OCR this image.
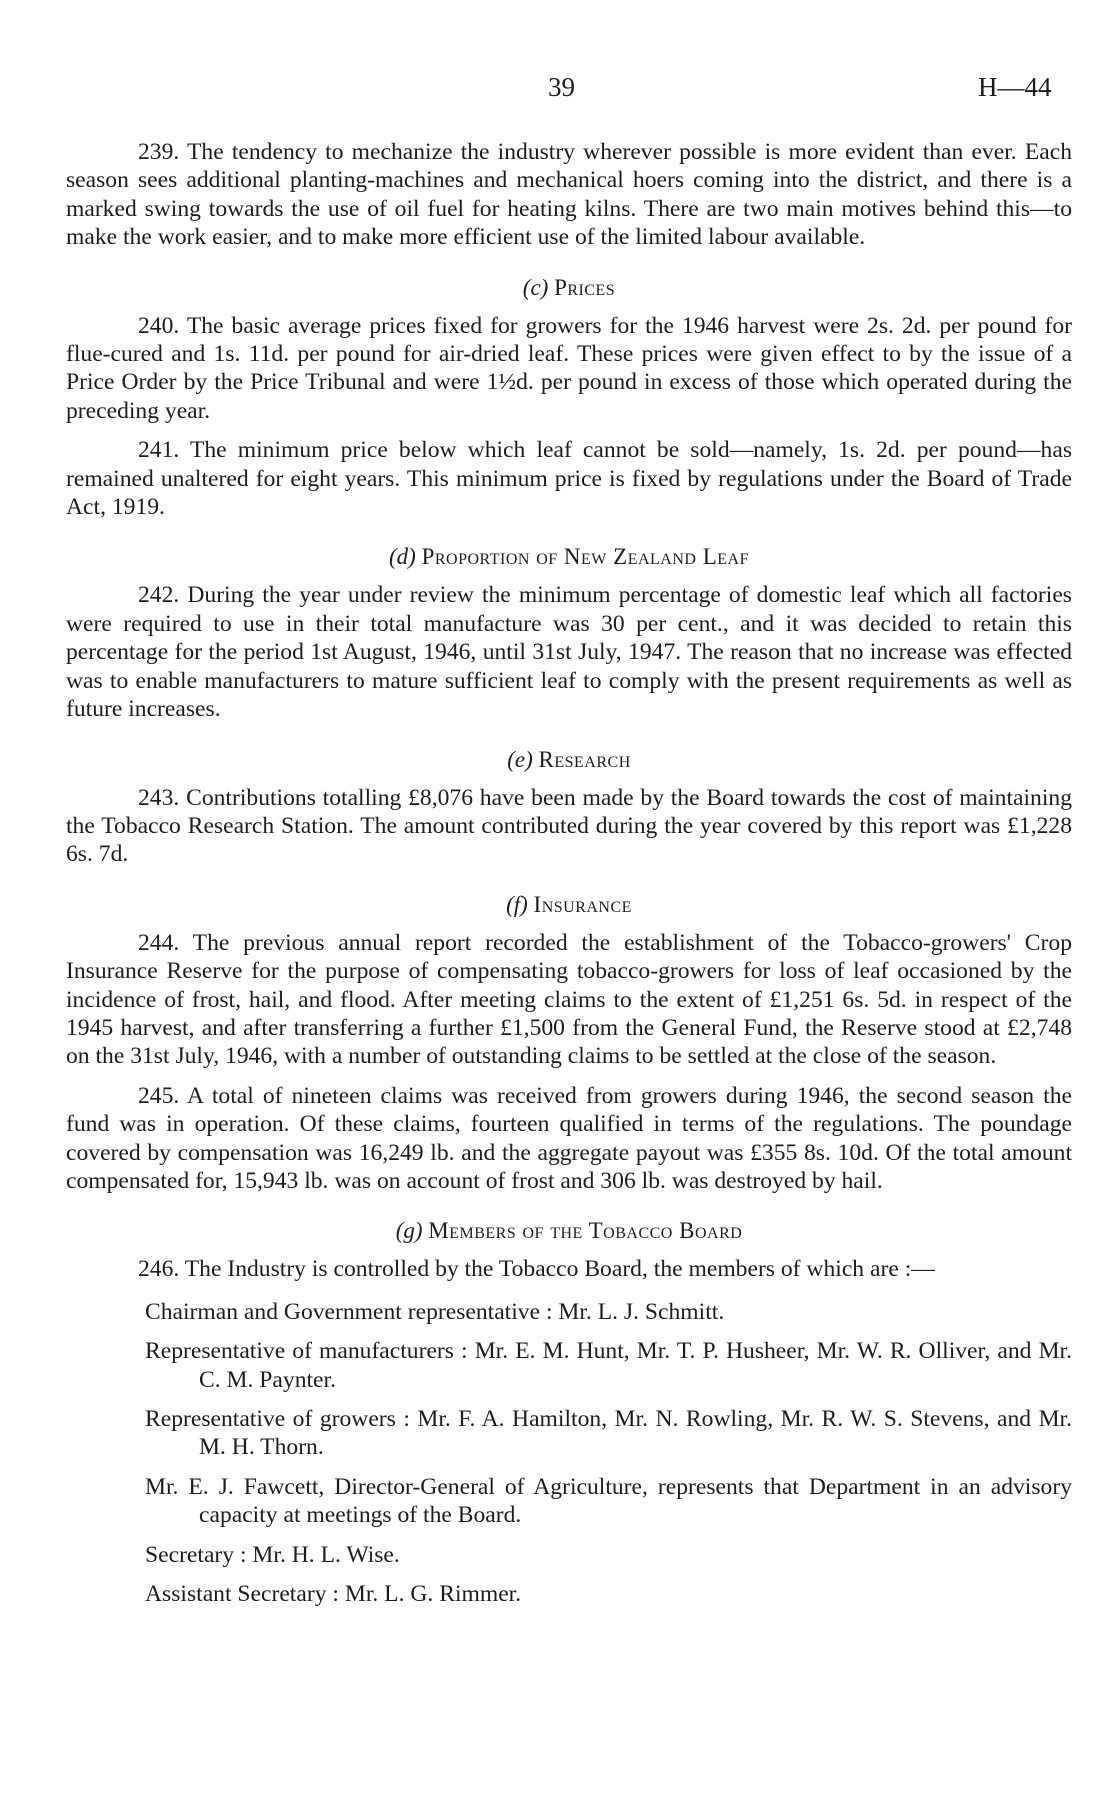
39	H—44

239. The tendency to mechanize the industry wherever possible is more evident than ever. Each season sees additional planting-machines and mechanical hoers coming into the district, and there is a marked swing towards the use of oil fuel for heating kilns. There are two main motives behind this—to make the work easier, and to make more efficient use of the limited labour available.

(c) Prices

240. The basic average prices fixed for growers for the 1946 harvest were 2s. 2d. per pound for flue-cured and 1s. 11d. per pound for air-dried leaf. These prices were given effect to by the issue of a Price Order by the Price Tribunal and were 1½d. per pound in excess of those which operated during the preceding year.

241. The minimum price below which leaf cannot be sold—namely, 1s. 2d. per pound—has remained unaltered for eight years. This minimum price is fixed by regulations under the Board of Trade Act, 1919.

(d) Proportion of New Zealand Leaf

242. During the year under review the minimum percentage of domestic leaf which all factories were required to use in their total manufacture was 30 per cent., and it was decided to retain this percentage for the period 1st August, 1946, until 31st July, 1947. The reason that no increase was effected was to enable manufacturers to mature sufficient leaf to comply with the present requirements as well as future increases.

(e) Research

243. Contributions totalling £8,076 have been made by the Board towards the cost of maintaining the Tobacco Research Station. The amount contributed during the year covered by this report was £1,228 6s. 7d.

(f) Insurance

244. The previous annual report recorded the establishment of the Tobacco-growers' Crop Insurance Reserve for the purpose of compensating tobacco-growers for loss of leaf occasioned by the incidence of frost, hail, and flood. After meeting claims to the extent of £1,251 6s. 5d. in respect of the 1945 harvest, and after transferring a further £1,500 from the General Fund, the Reserve stood at £2,748 on the 31st July, 1946, with a number of outstanding claims to be settled at the close of the season.

245. A total of nineteen claims was received from growers during 1946, the second season the fund was in operation. Of these claims, fourteen qualified in terms of the regulations. The poundage covered by compensation was 16,249 lb. and the aggregate payout was £355 8s. 10d. Of the total amount compensated for, 15,943 lb. was on account of frost and 306 lb. was destroyed by hail.

(g) Members of the Tobacco Board

246. The Industry is controlled by the Tobacco Board, the members of which are :—

Chairman and Government representative : Mr. L. J. Schmitt.

Representative of manufacturers : Mr. E. M. Hunt, Mr. T. P. Husheer, Mr. W. R. Olliver, and Mr. C. M. Paynter.

Representative of growers : Mr. F. A. Hamilton, Mr. N. Rowling, Mr. R. W. S. Stevens, and Mr. M. H. Thorn.

Mr. E. J. Fawcett, Director-General of Agriculture, represents that Department in an advisory capacity at meetings of the Board.

Secretary : Mr. H. L. Wise.

Assistant Secretary : Mr. L. G. Rimmer.
